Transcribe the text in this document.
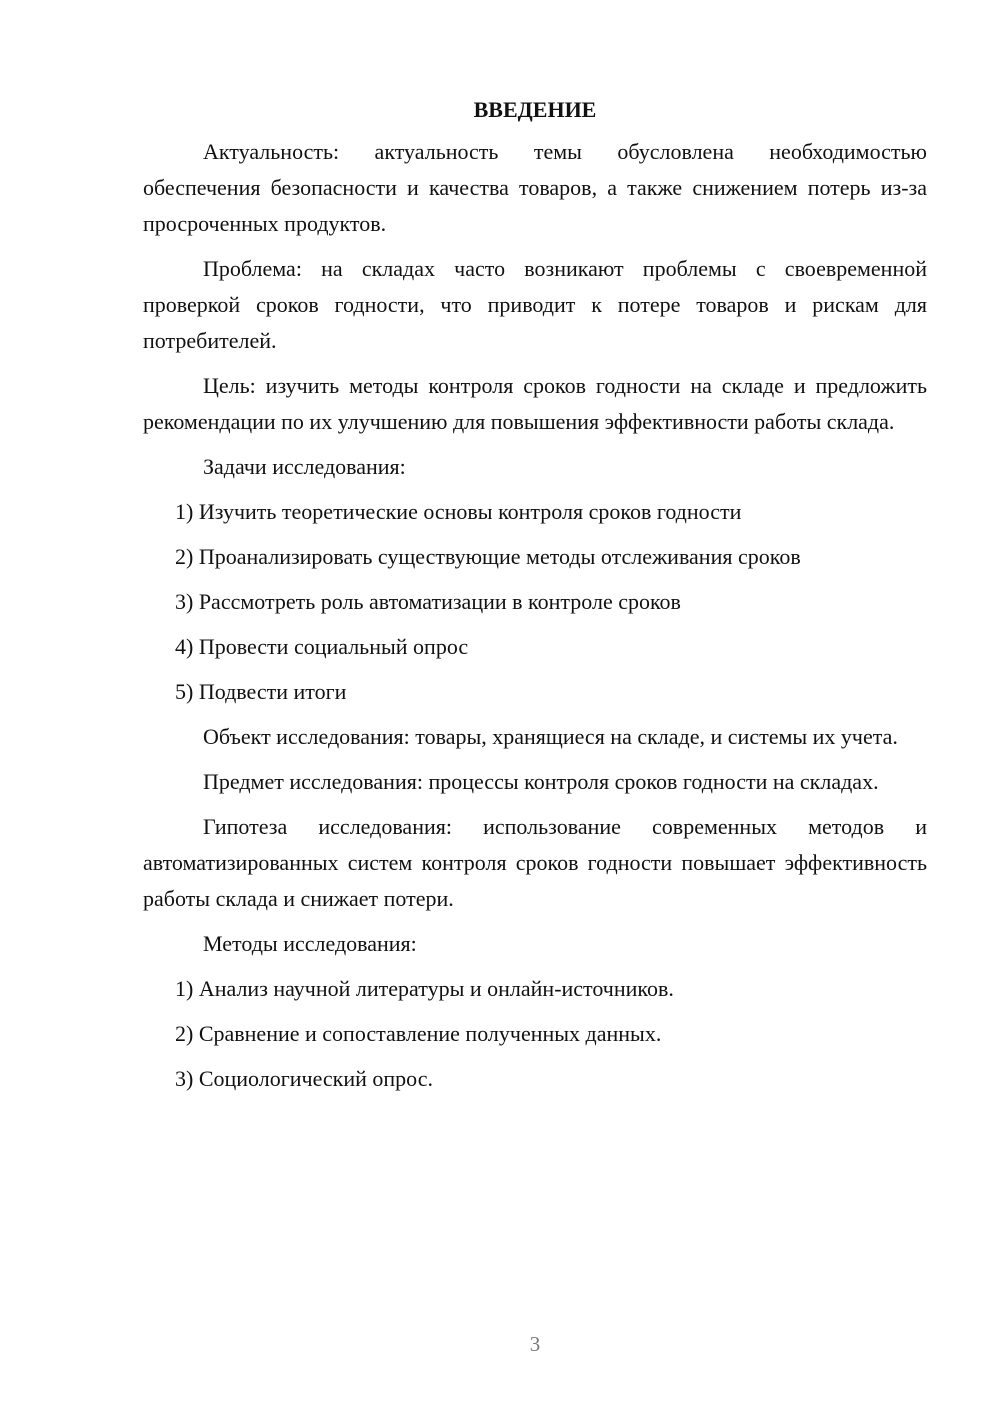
ВВЕДЕНИЕ

Актуальность: актуальность темы обусловлена необходимостью обеспечения безопасности и качества товаров, а также снижением потерь из-за просроченных продуктов.

Проблема: на складах часто возникают проблемы с своевременной проверкой сроков годности, что приводит к потере товаров и рискам для потребителей.

Цель: изучить методы контроля сроков годности на складе и предложить рекомендации по их улучшению для повышения эффективности работы склада.

Задачи исследования:

1) Изучить теоретические основы контроля сроков годности
2) Проанализировать существующие методы отслеживания сроков
3) Рассмотреть роль автоматизации в контроле сроков
4) Провести социальный опрос
5) Подвести итоги

Объект исследования: товары, хранящиеся на складе, и системы их учета.

Предмет исследования: процессы контроля сроков годности на складах.

Гипотеза исследования: использование современных методов и автоматизированных систем контроля сроков годности повышает эффективность работы склада и снижает потери.

Методы исследования:

1) Анализ научной литературы и онлайн-источников.
2) Сравнение и сопоставление полученных данных.
3) Социологический опрос.
3
